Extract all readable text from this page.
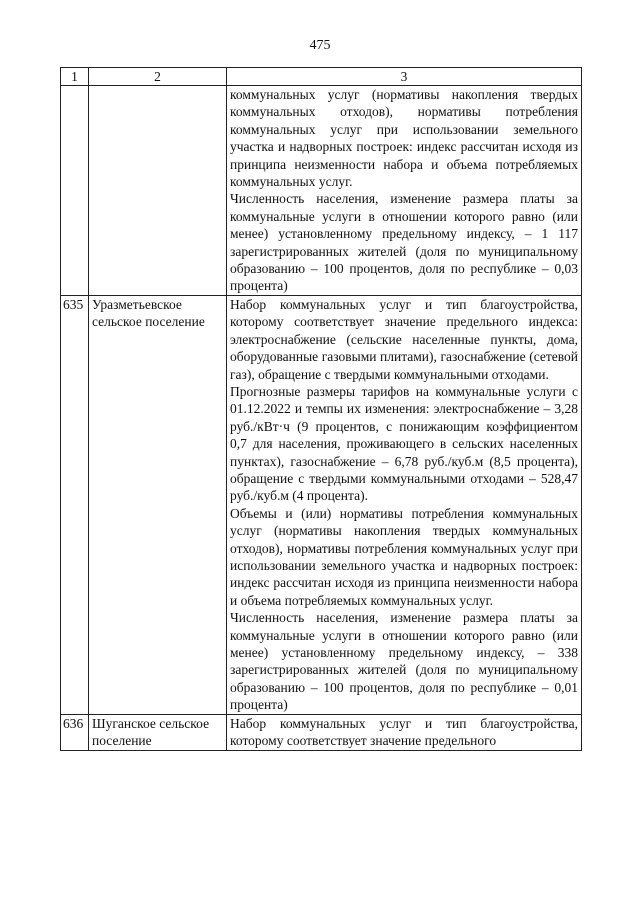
475
1	2	3

		коммунальных услуг (нормативы накопления твердых коммунальных отходов), нормативы потребления коммунальных услуг при использовании земельного участка и надворных построек: индекс рассчитан исходя из принципа неизменности набора и объема потребляемых коммунальных услуг.

Численность населения, изменение размера платы за коммунальные услуги в отношении которого равно (или менее) установленному предельному индексу, – 1 117 зарегистрированных жителей (доля по муниципальному образованию – 100 процентов, доля по республике – 0,03 процента)

635	Уразметьевское сельское поселение	Набор коммунальных услуг и тип благоустройства, которому соответствует значение предельного индекса: электроснабжение (сельские населенные пункты, дома, оборудованные газовыми плитами), газоснабжение (сетевой газ), обращение с твердыми коммунальными отходами.

Прогнозные размеры тарифов на коммунальные услуги с 01.12.2022 и темпы их изменения: электроснабжение – 3,28 руб./кВт·ч (9 процентов, с понижающим коэффициентом 0,7 для населения, проживающего в сельских населенных пунктах), газоснабжение – 6,78 руб./куб.м (8,5 процента), обращение с твердыми коммунальными отходами – 528,47 руб./куб.м (4 процента).

Объемы и (или) нормативы потребления коммунальных услуг (нормативы накопления твердых коммунальных отходов), нормативы потребления коммунальных услуг при использовании земельного участка и надворных построек: индекс рассчитан исходя из принципа неизменности набора и объема потребляемых коммунальных услуг.

Численность населения, изменение размера платы за коммунальные услуги в отношении которого равно (или менее) установленному предельному индексу, – 338 зарегистрированных жителей (доля по муниципальному образованию – 100 процентов, доля по республике – 0,01 процента)

636	Шуганское сельское поселение	Набор коммунальных услуг и тип благоустройства, которому соответствует значение предельного
